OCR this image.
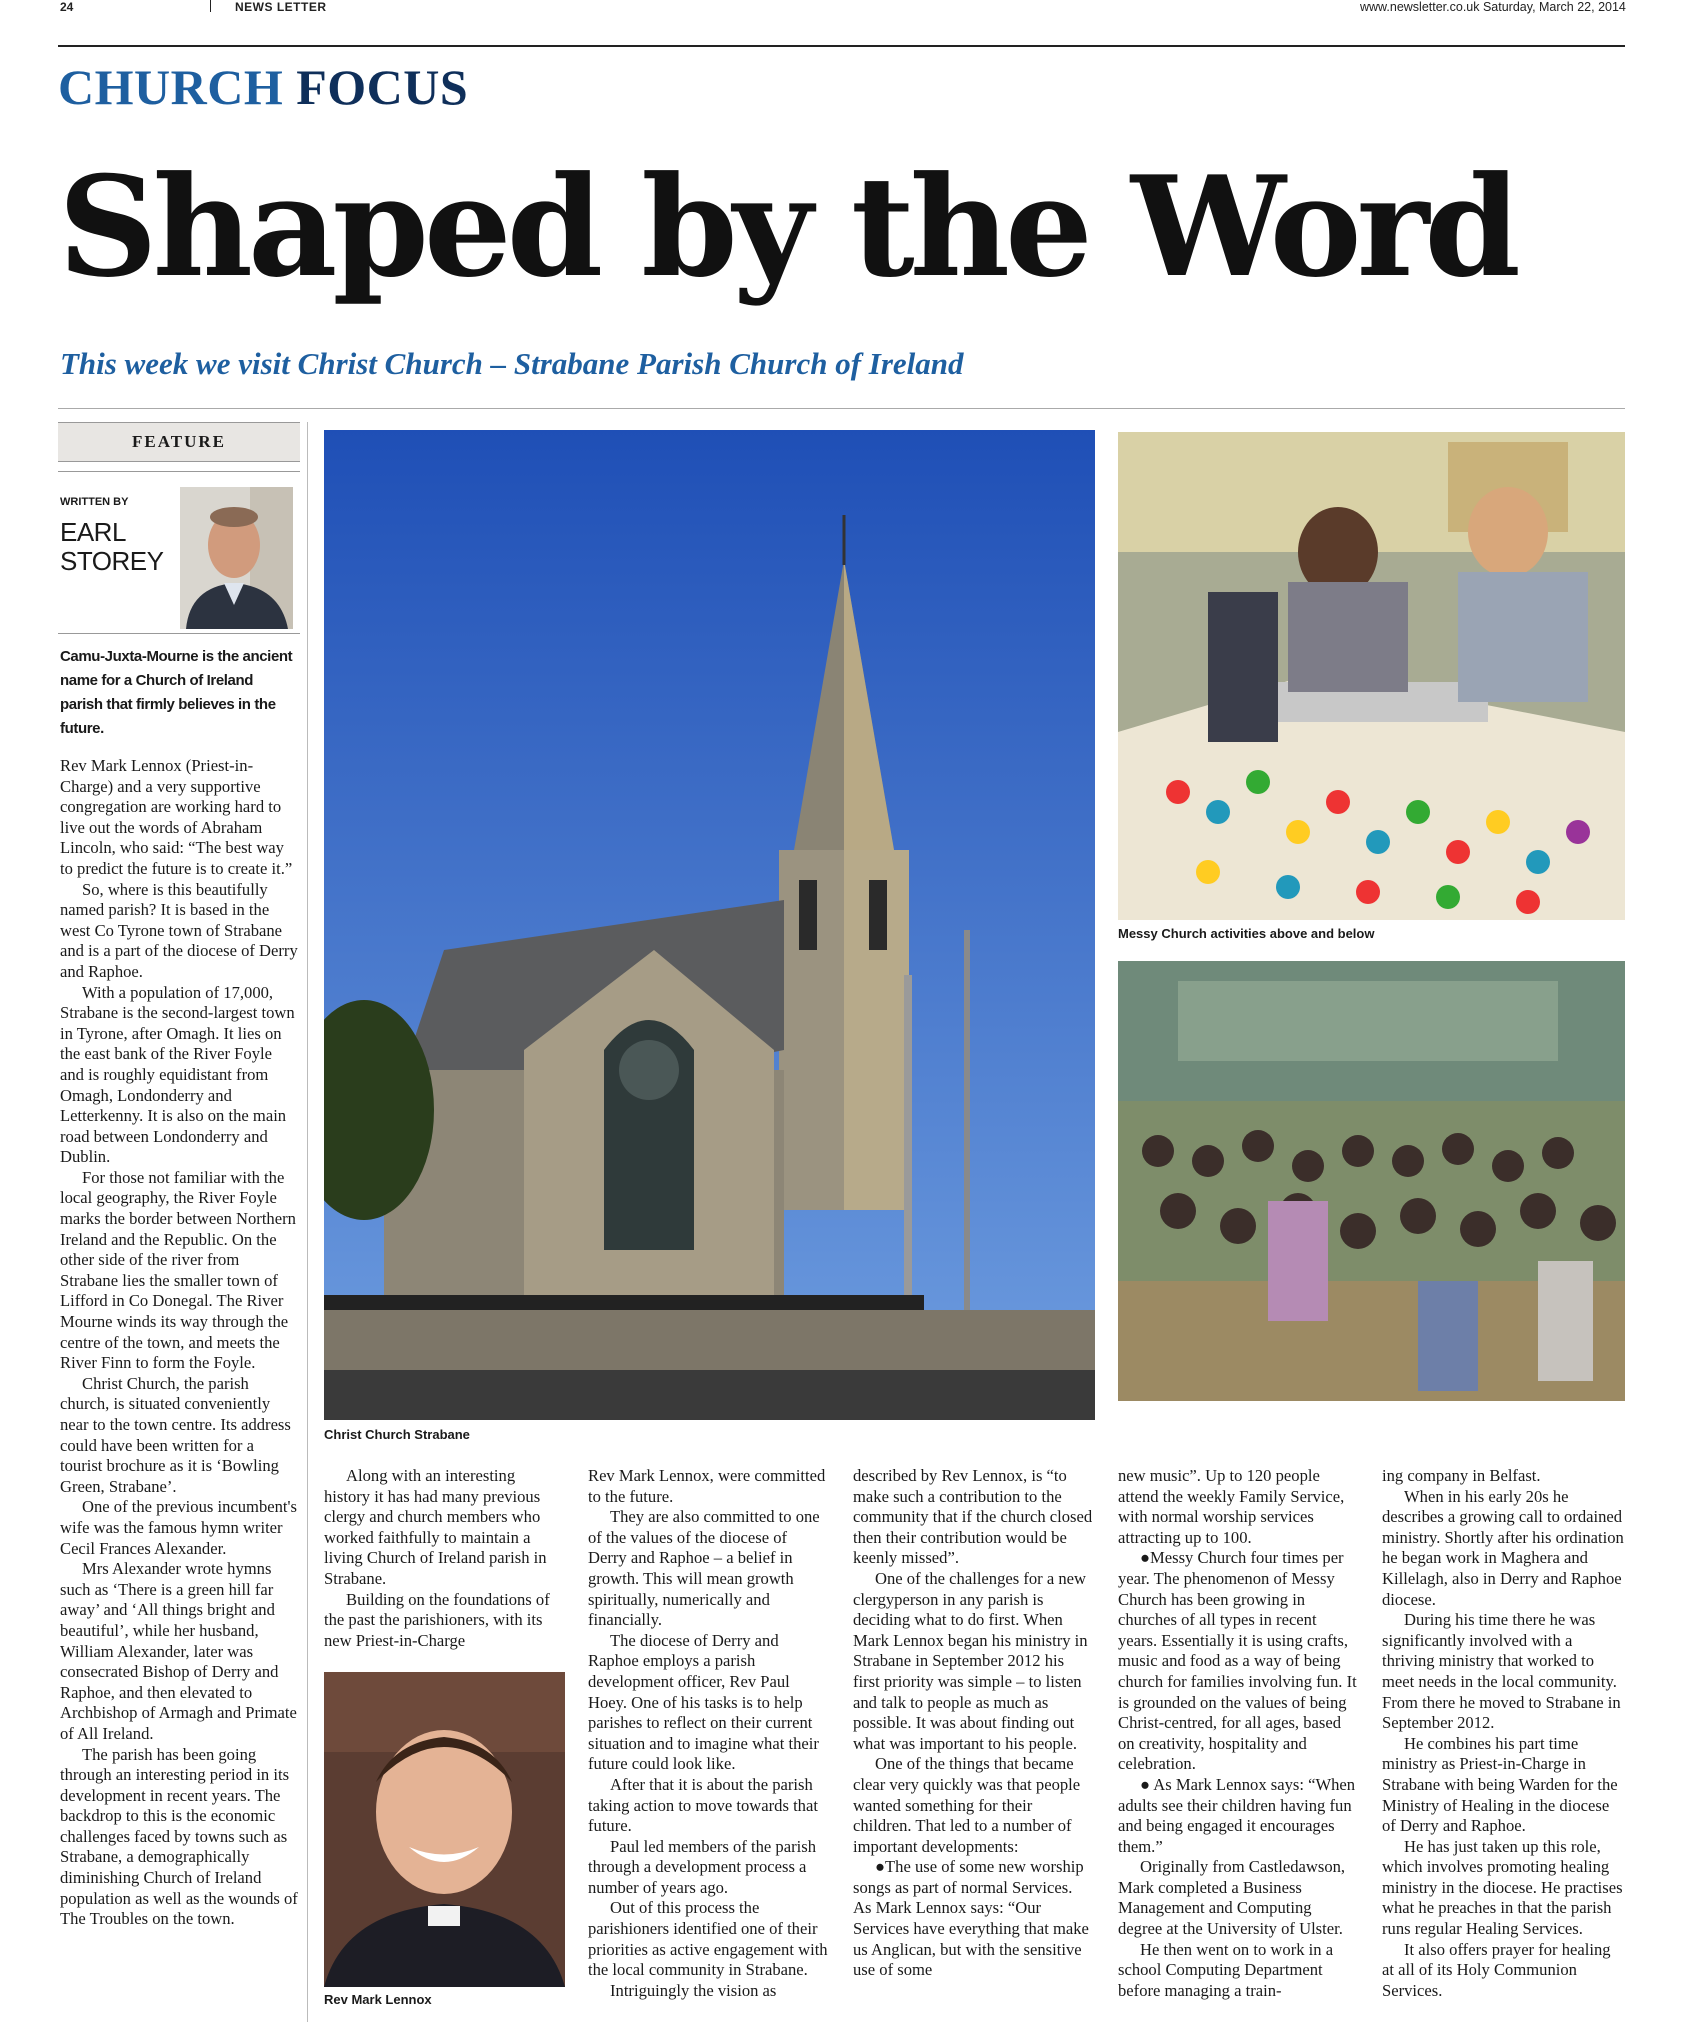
24	NEWS LETTER	www.newsletter.co.uk Saturday, March 22, 2014
CHURCH FOCUS
Shaped by the Word
This week we visit Christ Church – Strabane Parish Church of Ireland
FEATURE
WRITTEN BY
EARL
STOREY
Camu-Juxta-Mourne is the ancient name for a Church of Ireland parish that firmly believes in the future.

Rev Mark Lennox (Priest-in-Charge) and a very supportive congregation are working hard to live out the words of Abraham Lincoln, who said: “The best way to predict the future is to create it.”

So, where is this beautifully named parish? It is based in the west Co Tyrone town of Strabane and is a part of the diocese of Derry and Raphoe.

With a population of 17,000, Strabane is the second-largest town in Tyrone, after Omagh. It lies on the east bank of the River Foyle and is roughly equidistant from Omagh, Londonderry and Letterkenny. It is also on the main road between Londonderry and Dublin.

For those not familiar with the local geography, the River Foyle marks the border between Northern Ireland and the Republic. On the other side of the river from Strabane lies the smaller town of Lifford in Co Donegal. The River Mourne winds its way through the centre of the town, and meets the River Finn to form the Foyle.

Christ Church, the parish church, is situated conveniently near to the town centre. Its address could have been written for a tourist brochure as it is ‘Bowling Green, Strabane’.

One of the previous incumbent's wife was the famous hymn writer Cecil Frances Alexander.

Mrs Alexander wrote hymns such as ‘There is a green hill far away’ and ‘All things bright and beautiful’, while her husband, William Alexander, later was consecrated Bishop of Derry and Raphoe, and then elevated to Archbishop of Armagh and Primate of All Ireland.

The parish has been going through an interesting period in its development in recent years. The backdrop to this is the economic challenges faced by towns such as Strabane, a demographically diminishing Church of Ireland population as well as the wounds of The Troubles on the town.

Christ Church Strabane
Messy Church activities above and below

Along with an interesting history it has had many previous clergy and church members who worked faithfully to maintain a living Church of Ireland parish in Strabane.

Building on the foundations of the past the parishioners, with its new Priest-in-Charge

Rev Mark Lennox

Rev Mark Lennox, were committed to the future.

They are also committed to one of the values of the diocese of Derry and Raphoe – a belief in growth. This will mean growth spiritually, numerically and financially.

The diocese of Derry and Raphoe employs a parish development officer, Rev Paul Hoey. One of his tasks is to help parishes to reflect on their current situation and to imagine what their future could look like.

After that it is about the parish taking action to move towards that future.

Paul led members of the parish through a development process a number of years ago.

Out of this process the parishioners identified one of their priorities as active engagement with the local community in Strabane.

Intriguingly the vision as

described by Rev Lennox, is “to make such a contribution to the community that if the church closed then their contribution would be keenly missed”.

One of the challenges for a new clergyperson in any parish is deciding what to do first. When Mark Lennox began his ministry in Strabane in September 2012 his first priority was simple – to listen and talk to people as much as possible. It was about finding out what was important to his people.

One of the things that became clear very quickly was that people wanted something for their children. That led to a number of important developments:

●The use of some new worship songs as part of normal Services. As Mark Lennox says: “Our Services have everything that make us Anglican, but with the sensitive use of some

new music”. Up to 120 people attend the weekly Family Service, with normal worship services attracting up to 100.

●Messy Church four times per year. The phenomenon of Messy Church has been growing in churches of all types in recent years. Essentially it is using crafts, music and food as a way of being church for families involving fun. It is grounded on the values of being Christ-centred, for all ages, based on creativity, hospitality and celebration.

● As Mark Lennox says: “When adults see their children having fun and being engaged it encourages them.”

Originally from Castledawson, Mark completed a Business Management and Computing degree at the University of Ulster.

He then went on to work in a school Computing Department before managing a train-

ing company in Belfast.

When in his early 20s he describes a growing call to ordained ministry. Shortly after his ordination he began work in Maghera and Killelagh, also in Derry and Raphoe diocese.

During his time there he was significantly involved with a thriving ministry that worked to meet needs in the local community. From there he moved to Strabane in September 2012.

He combines his part time ministry as Priest-in-Charge in Strabane with being Warden for the Ministry of Healing in the diocese of Derry and Raphoe.

He has just taken up this role, which involves promoting healing ministry in the diocese. He practises what he preaches in that the parish runs regular Healing Services.

It also offers prayer for healing at all of its Holy Communion Services.
